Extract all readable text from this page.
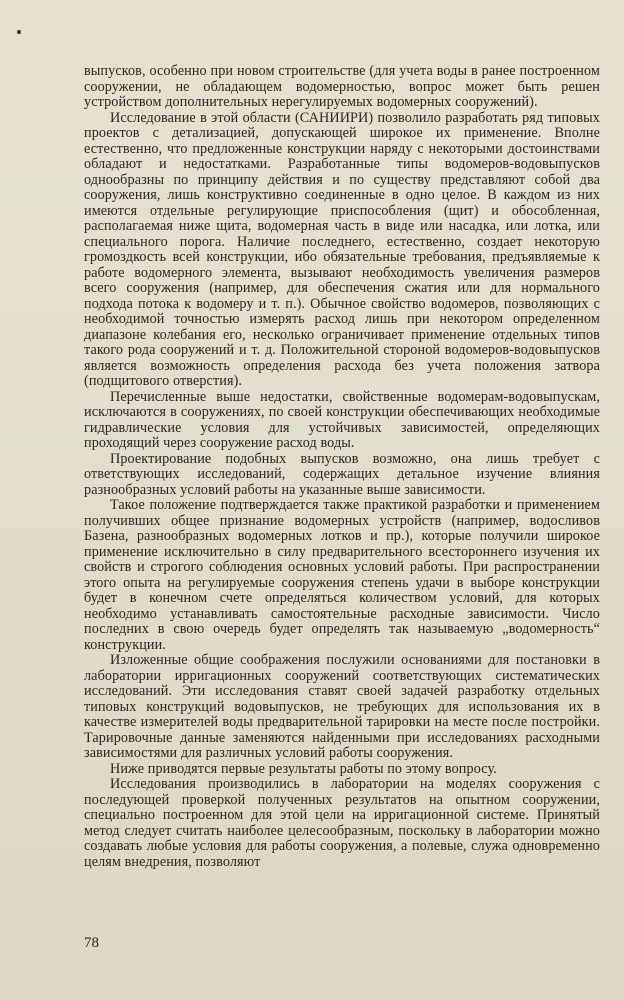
выпусков, особенно при новом строительстве (для учета воды в ранее построенном сооружении, не обладающем водомерностью, вопрос может быть решен устройством дополнительных нерегулируемых водомерных сооружений).

Исследование в этой области (САНИИРИ) позволило разработать ряд типовых проектов с детализацией, допускающей широкое их применение. Вполне естественно, что предложенные конструкции наряду с некоторыми достоинствами обладают и недостатками. Разработанные типы водомеров-водовыпусков однообразны по принципу действия и по существу представляют собой два сооружения, лишь конструктивно соединенные в одно целое. В каждом из них имеются отдельные регулирующие приспособления (щит) и обособленная, располагаемая ниже щита, водомерная часть в виде или насадка, или лотка, или специального порога. Наличие последнего, естественно, создает некоторую громоздкость всей конструкции, ибо обязательные требования, предъявляемые к работе водомерного элемента, вызывают необходимость увеличения размеров всего сооружения (например, для обеспечения сжатия или для нормального подхода потока к водомеру и т. п.). Обычное свойство водомеров, позволяющих с необходимой точностью измерять расход лишь при некотором определенном диапазоне колебания его, несколько ограничивает применение отдельных типов такого рода сооружений и т. д. Положительной стороной водомеров-водовыпусков является возможность определения расхода без учета положения затвора (подщитового отверстия).

Перечисленные выше недостатки, свойственные водомерам-водовыпускам, исключаются в сооружениях, по своей конструкции обеспечивающих необходимые гидравлические условия для устойчивых зависимостей, определяющих проходящий через сооружение расход воды.

Проектирование подобных выпусков возможно, она лишь требует с ответствующих исследований, содержащих детальное изучение влияния разнообразных условий работы на указанные выше зависимости.

Такое положение подтверждается также практикой разработки и применением получивших общее признание водомерных устройств (например, водосливов Базена, разнообразных водомерных лотков и пр.), которые получили широкое применение исключительно в силу предварительного всестороннего изучения их свойств и строгого соблюдения основных условий работы. При распространении этого опыта на регулируемые сооружения степень удачи в выборе конструкции будет в конечном счете определяться количеством условий, для которых необходимо устанавливать самостоятельные расходные зависимости. Число последних в свою очередь будет определять так называемую „водомерность“ конструкции.

Изложенные общие соображения послужили основаниями для постановки в лаборатории ирригационных сооружений соответствующих систематических исследований. Эти исследования ставят своей задачей разработку отдельных типовых конструкций водовыпусков, не требующих для использования их в качестве измерителей воды предварительной тарировки на месте после постройки. Тарировочные данные заменяются найденными при исследованиях расходными зависимостями для различных условий работы сооружения.

Ниже приводятся первые результаты работы по этому вопросу.

Исследования производились в лаборатории на моделях сооружения с последующей проверкой полученных результатов на опытном сооружении, специально построенном для этой цели на ирригационной системе. Принятый метод следует считать наиболее целесообразным, поскольку в лаборатории можно создавать любые условия для работы сооружения, а полевые, служа одновременно целям внедрения, позволяют

78
